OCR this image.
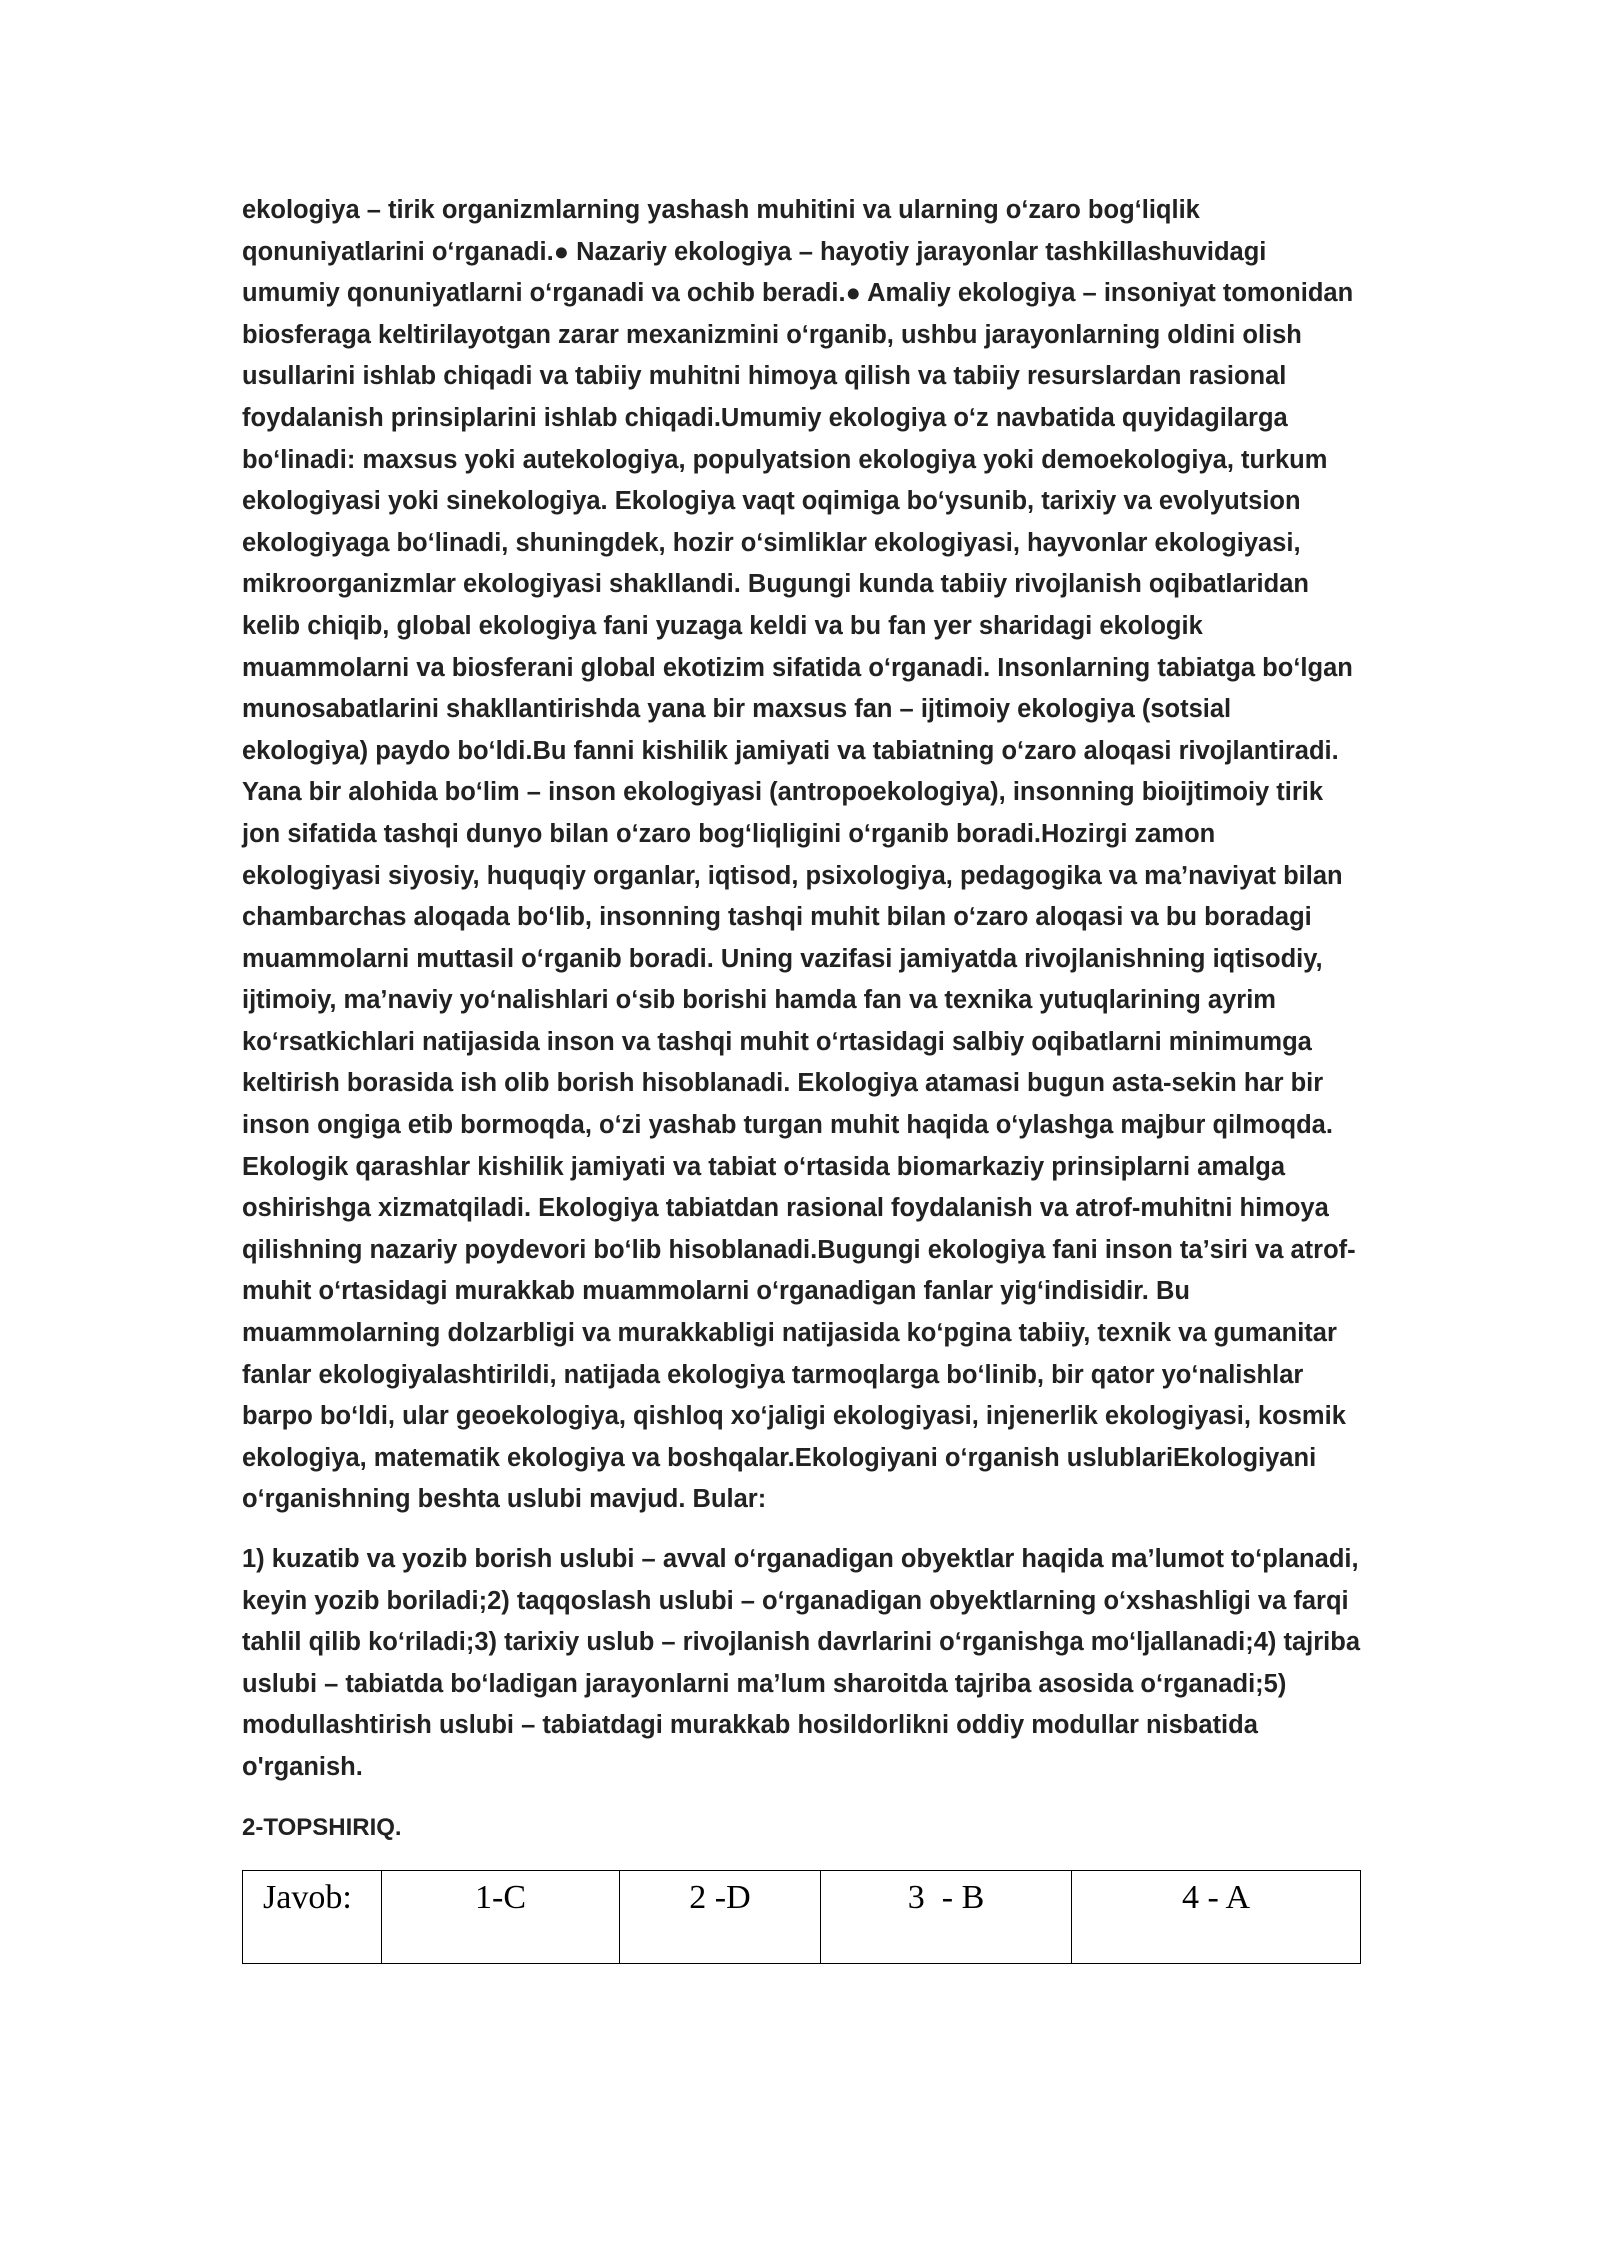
ekologiya – tirik organizmlarning yashash muhitini va ularning oʻzaro bogʻliqlik qonuniyatlarini oʻrganadi.● Nazariy ekologiya – hayotiy jarayonlar tashkillashuvidagi umumiy qonuniyatlarni oʻrganadi va ochib beradi.● Amaliy ekologiya – insoniyat tomonidan biosferaga keltirilayotgan zarar mexanizmini oʻrganib, ushbu jarayonlarning oldini olish usullarini ishlab chiqadi va tabiiy muhitni himoya qilish va tabiiy resurslardan rasional foydalanish prinsiplarini ishlab chiqadi.Umumiy ekologiya oʻz navbatida quyidagilarga boʻlinadi: maxsus yoki autekologiya, populyatsion ekologiya yoki demoekologiya, turkum ekologiyasi yoki sinekologiya. Ekologiya vaqt oqimiga boʻysunib, tarixiy va evolyutsion ekologiyaga boʻlinadi, shuningdek, hozir oʻsimliklar ekologiyasi, hayvonlar ekologiyasi, mikroorganizmlar ekologiyasi shakllandi. Bugungi kunda tabiiy rivojlanish oqibatlaridan kelib chiqib, global ekologiya fani yuzaga keldi va bu fan yer sharidagi ekologik muammolarni va biosferani global ekotizim sifatida oʻrganadi. Insonlarning tabiatga boʻlgan munosabatlarini shakllantirishda yana bir maxsus fan – ijtimoiy ekologiya (sotsial ekologiya) paydo boʻldi.Bu fanni kishilik jamiyati va tabiatning oʻzaro aloqasi rivojlantiradi. Yana bir alohida boʻlim – inson ekologiyasi (antropoekologiya), insonning bioijtimoiy tirik jon sifatida tashqi dunyo bilan oʻzaro bogʻliqligini oʻrganib boradi.Hozirgi zamon ekologiyasi siyosiy, huquqiy organlar, iqtisod, psixologiya, pedagogika va maʼnaviyat bilan chambarchas aloqada boʻlib, insonning tashqi muhit bilan oʻzaro aloqasi va bu boradagi muammolarni muttasil oʻrganib boradi. Uning vazifasi jamiyatda rivojlanishning iqtisodiy, ijtimoiy, maʼnaviy yoʻnalishlari oʻsib borishi hamda fan va texnika yutuqlarining ayrim koʻrsatkichlari natijasida inson va tashqi muhit oʻrtasidagi salbiy oqibatlarni minimumga keltirish borasida ish olib borish hisoblanadi. Ekologiya atamasi bugun asta-sekin har bir inson ongiga etib bormoqda, oʻzi yashab turgan muhit haqida oʻylashga majbur qilmoqda. Ekologik qarashlar kishilik jamiyati va tabiat oʻrtasida biomarkaziy prinsiplarni amalga oshirishga xizmatqiladi. Ekologiya tabiatdan rasional foydalanish va atrof-muhitni himoya qilishning nazariy poydevori boʻlib hisoblanadi.Bugungi ekologiya fani inson taʼsiri va atrof-muhit oʻrtasidagi murakkab muammolarni oʻrganadigan fanlar yigʻindisidir. Bu muammolarning dolzarbligi va murakkabligi natijasida koʻpgina tabiiy, texnik va gumanitar fanlar ekologiyalashtirildi, natijada ekologiya tarmoqlarga boʻlinib, bir qator yoʻnalishlar barpo boʻldi, ular geoekologiya, qishloq xoʻjaligi ekologiyasi, injenerlik ekologiyasi, kosmik ekologiya, matematik ekologiya va boshqalar.Ekologiyani oʻrganish uslublariEkologiyani oʻrganishning beshta uslubi mavjud. Bular:

1) kuzatib va yozib borish uslubi – avval oʻrganadigan obyektlar haqida maʼlumot toʻplanadi, keyin yozib boriladi;2) taqqoslash uslubi – oʻrganadigan obyektlarning oʻxshashligi va farqi tahlil qilib koʻriladi;3) tarixiy uslub – rivojlanish davrlarini oʻrganishga moʻljallanadi;4) tajriba uslubi – tabiatda boʻladigan jarayonlarni maʼlum sharoitda tajriba asosida oʻrganadi;5) modullashtirish uslubi – tabiatdagi murakkab hosildorlikni oddiy modullar nisbatida o'rganish.

2-TOPSHIRIQ.

Javob:	1-C	2 -D	3  - B	4 - A
